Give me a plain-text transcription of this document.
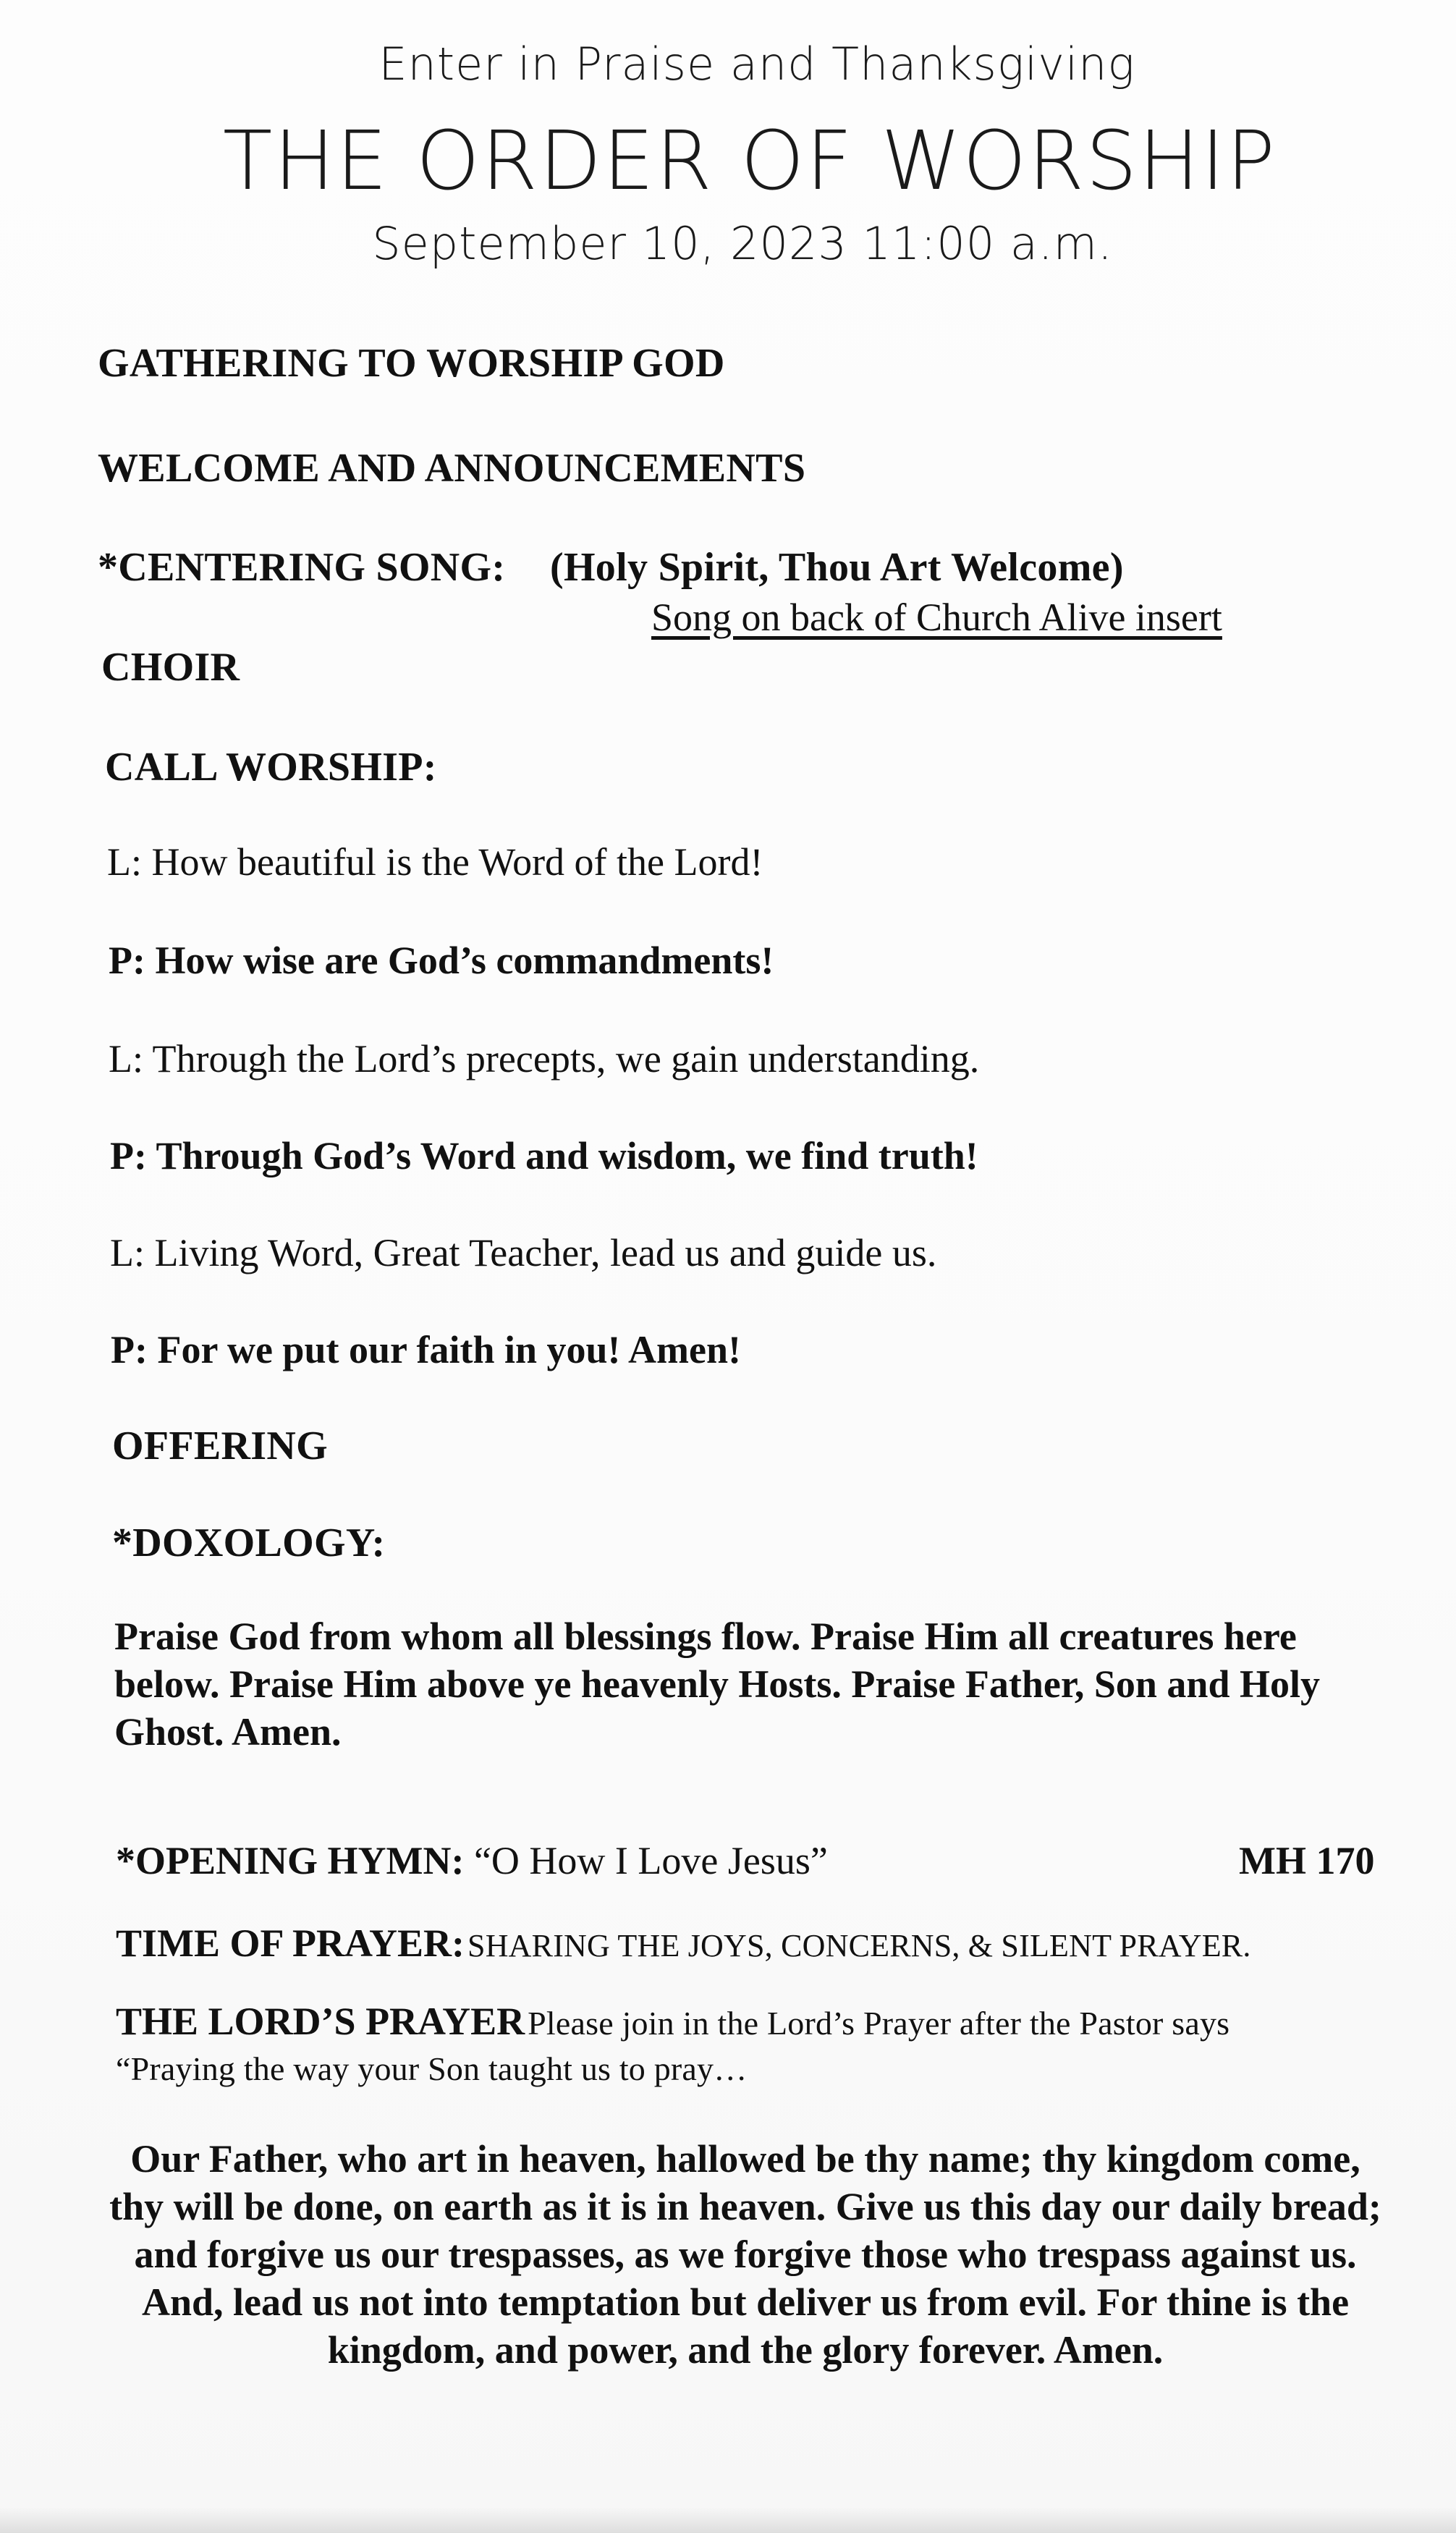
Enter in Praise and Thanksgiving
THE ORDER OF WORSHIP
September 10, 2023 11:00 a.m.
GATHERING TO WORSHIP GOD
WELCOME AND ANNOUNCEMENTS
*CENTERING SONG: (Holy Spirit, Thou Art Welcome)
Song on back of Church Alive insert
CHOIR
CALL WORSHIP:
L: How beautiful is the Word of the Lord!
P: How wise are God’s commandments!
L: Through the Lord’s precepts, we gain understanding.
P: Through God’s Word and wisdom, we find truth!
L: Living Word, Great Teacher, lead us and guide us.
P: For we put our faith in you! Amen!
OFFERING
*DOXOLOGY:
Praise God from whom all blessings flow. Praise Him all creatures here below. Praise Him above ye heavenly Hosts. Praise Father, Son and Holy Ghost. Amen.
*OPENING HYMN: “O How I Love Jesus”	MH 170
TIME OF PRAYER: SHARING THE JOYS, CONCERNS, & SILENT PRAYER.
THE LORD’S PRAYER Please join in the Lord’s Prayer after the Pastor says
“Praying the way your Son taught us to pray…
Our Father, who art in heaven, hallowed be thy name; thy kingdom come, thy will be done, on earth as it is in heaven. Give us this day our daily bread; and forgive us our trespasses, as we forgive those who trespass against us. And, lead us not into temptation but deliver us from evil. For thine is the kingdom, and power, and the glory forever. Amen.
